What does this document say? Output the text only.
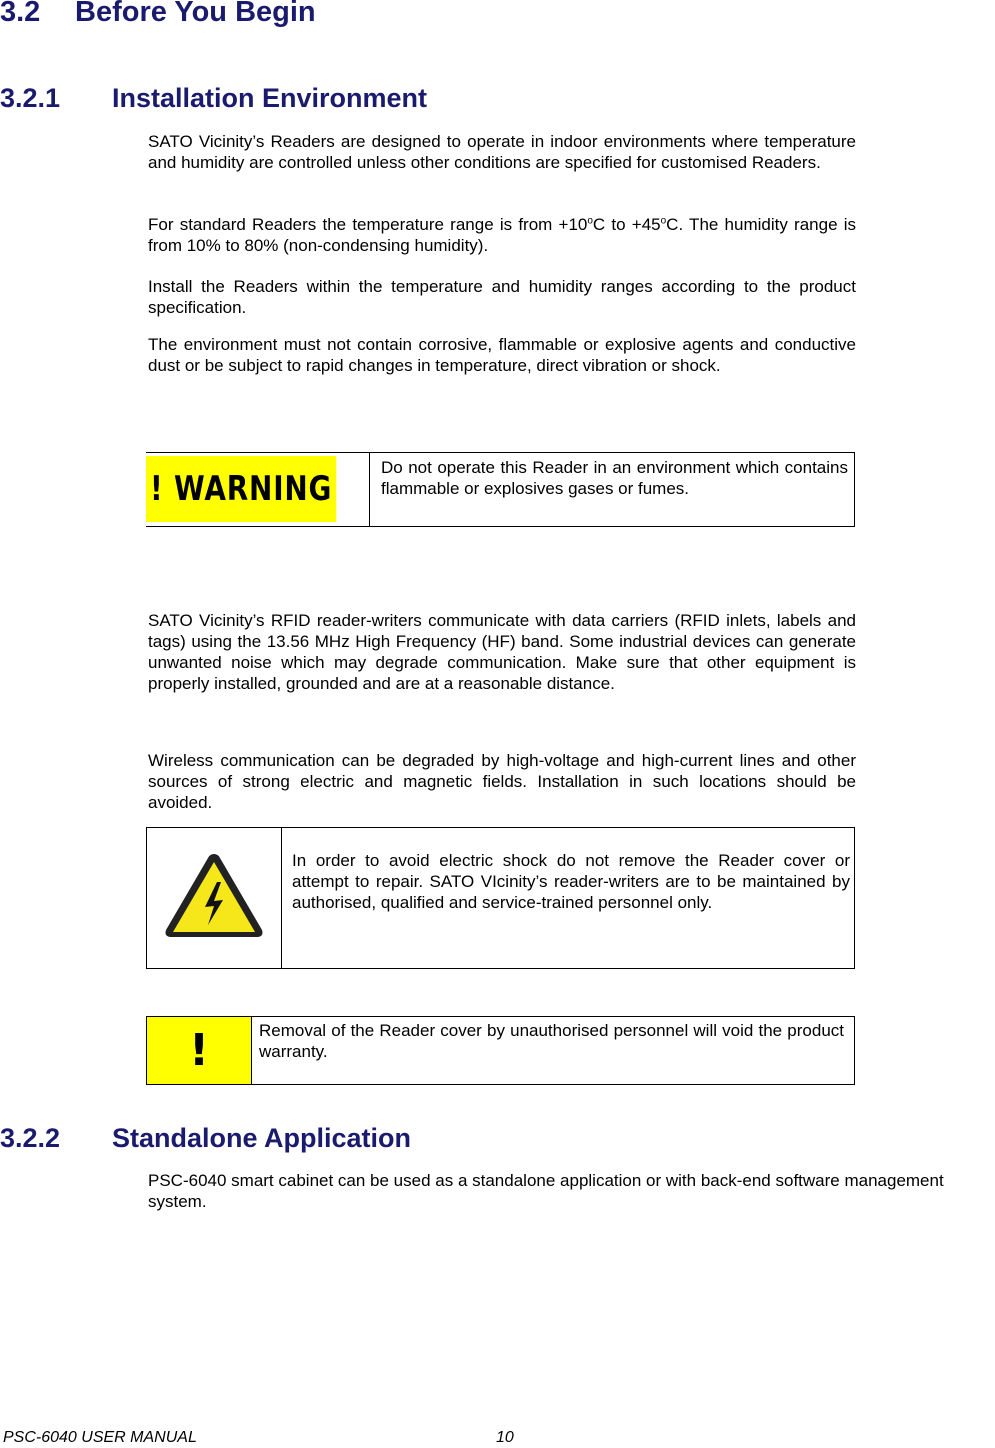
3.2 Before You Begin
3.2.1 Installation Environment

SATO Vicinity’s Readers are designed to operate in indoor environments where temperature and humidity are controlled unless other conditions are specified for customised Readers.

For standard Readers the temperature range is from $+10^oC$ to $+45^oC$. The humidity range is from 10% to 80% (non-condensing humidity).

Install the Readers within the temperature and humidity ranges according to the product specification.

The environment must not contain corrosive, flammable or explosive agents and conductive dust or be subject to rapid changes in temperature, direct vibration or shock.

! WARNING
Do not operate this Reader in an environment which contains flammable or explosives gases or fumes.

SATO Vicinity’s RFID reader-writers communicate with data carriers (RFID inlets, labels and tags) using the 13.56 MHz High Frequency (HF) band. Some industrial devices can generate unwanted noise which may degrade communication. Make sure that other equipment is properly installed, grounded and are at a reasonable distance.

Wireless communication can be degraded by high-voltage and high-current lines and other sources of strong electric and magnetic fields. Installation in such locations should be avoided.

In order to avoid electric shock do not remove the Reader cover or attempt to repair. SATO VIcinity’s reader-writers are to be maintained by authorised, qualified and service-trained personnel only.
!	Removal of the Reader cover by unauthorised personnel will void the product warranty.
3.2.2 Standalone Application

PSC-6040 smart cabinet can be used as a standalone application or with back-end software management system.

PSC-6040 USER MANUAL	10
